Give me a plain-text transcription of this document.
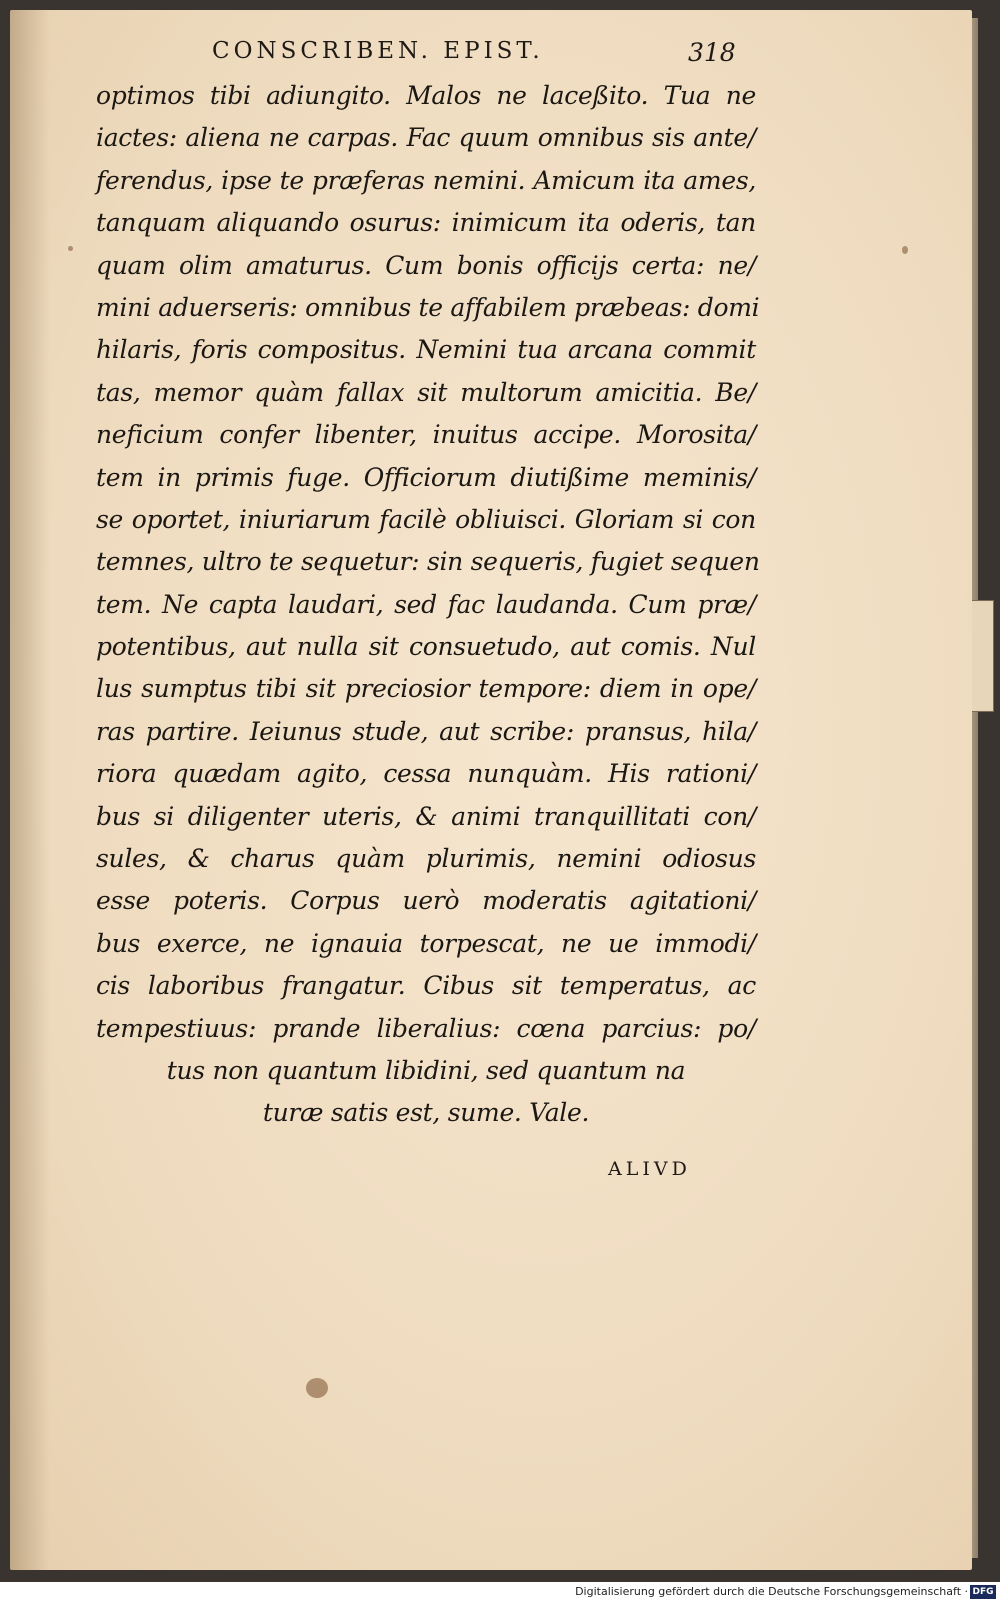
CONSCRIBEN. EPIST.	318
optimos tibi adiungito. Malos ne laceßito. Tua ne
iactes: aliena ne carpas. Fac quum omnibus sis ante/
ferendus, ipse te præferas nemini. Amicum ita ames,
tanquam aliquando osurus: inimicum ita oderis, tan
quam olim amaturus. Cum bonis officijs certa: ne/
mini aduerseris: omnibus te affabilem præbeas: domi
hilaris, foris compositus. Nemini tua arcana commit
tas, memor quàm fallax sit multorum amicitia. Be/
neficium confer libenter, inuitus accipe. Morosita/
tem in primis fuge. Officiorum diutißime meminis/
se oportet, iniuriarum facilè obliuisci. Gloriam si con
temnes, ultro te sequetur: sin sequeris, fugiet sequen
tem. Ne capta laudari, sed fac laudanda. Cum præ/
potentibus, aut nulla sit consuetudo, aut comis. Nul
lus sumptus tibi sit preciosior tempore: diem in ope/
ras partire. Ieiunus stude, aut scribe: pransus, hila/
riora quædam agito, cessa nunquàm. His rationi/
bus si diligenter uteris, & animi tranquillitati con/
sules, & charus quàm plurimis, nemini odiosus
esse poteris. Corpus uerò moderatis agitationi/
bus exerce, ne ignauia torpescat, ne ue immodi/
cis laboribus frangatur. Cibus sit temperatus, ac
tempestiuus: prande liberalius: cœna parcius: po/
tus non quantum libidini, sed quantum na
turæ satis est, sume. Vale.
ALIVD
Digitalisierung gefördert durch die Deutsche Forschungsgemeinschaft · DFG
